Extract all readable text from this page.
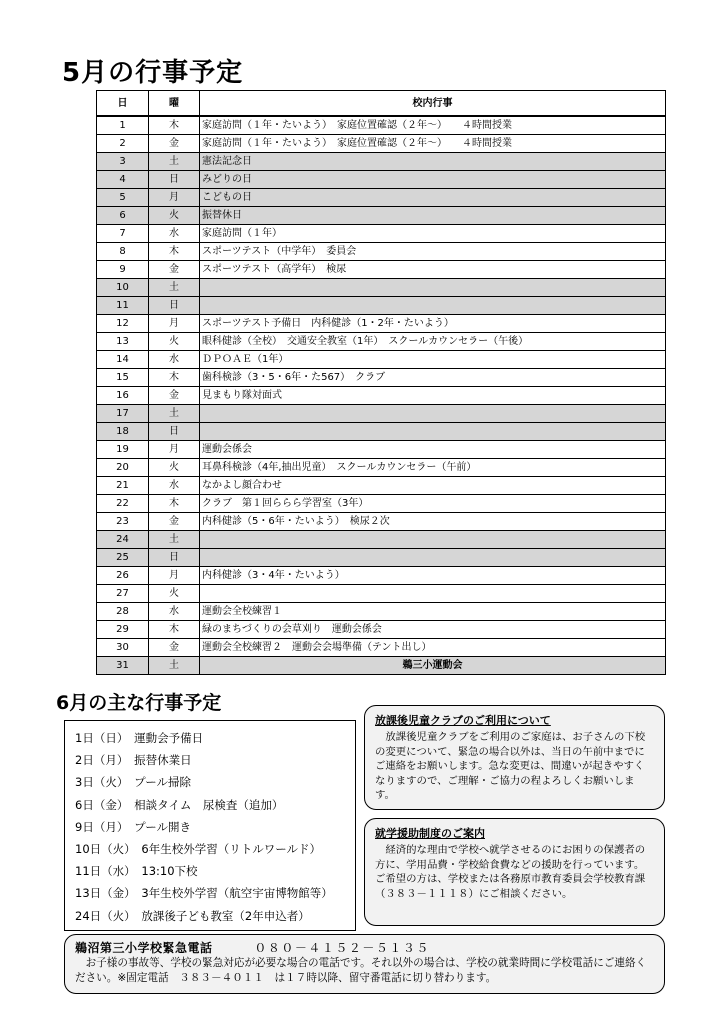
5月の行事予定
日	曜	校内行事
1	木	家庭訪問（１年・たいよう）　家庭位置確認（２年～）　　４時間授業
2	金	家庭訪問（１年・たいよう）　家庭位置確認（２年～）　　４時間授業
3	土	憲法記念日
4	日	みどりの日
5	月	こどもの日
6	火	振替休日
7	水	家庭訪問（１年）
8	木	スポーツテスト（中学年）　委員会
9	金	スポーツテスト（高学年）　検尿
10	土	
11	日	
12	月	スポーツテスト予備日　内科健診（1・2年・たいよう）
13	火	眼科健診（全校）　交通安全教室（1年）　スクールカウンセラー（午後）
14	水	ＤＰＯＡＥ（1年）
15	木	歯科検診（3・5・6年・た567）　クラブ
16	金	見まもり隊対面式
17	土	
18	日	
19	月	運動会係会
20	火	耳鼻科検診（4年,抽出児童）　スクールカウンセラー（午前）
21	水	なかよし顔合わせ
22	木	クラブ　第１回ららら学習室（3年）
23	金	内科健診（5・6年・たいよう）　検尿２次
24	土	
25	日	
26	月	内科健診（3・4年・たいよう）
27	火	
28	水	運動会全校練習１
29	木	緑のまちづくりの会草刈り　運動会係会
30	金	運動会全校練習２　運動会会場準備（テント出し）
31	土	鵜三小運動会
6月の主な行事予定
1日（日）　運動会予備日
2日（月）　振替休業日
3日（火）　プール掃除
6日（金）　相談タイム　尿検査（追加）
9日（月）　プール開き
10日（火）　6年生校外学習（リトルワールド）
11日（水）　13:10下校
13日（金）　3年生校外学習（航空宇宙博物館等）
24日（火）　放課後子ども教室（2年申込者）
放課後児童クラブのご利用について
放課後児童クラブをご利用のご家庭は、お子さんの下校の変更について、緊急の場合以外は、当日の午前中までにご連絡をお願いします。急な変更は、間違いが起きやすくなりますので、ご理解・ご協力の程よろしくお願いします。
就学援助制度のご案内
経済的な理由で学校へ就学させるのにお困りの保護者の方に、学用品費・学校給食費などの援助を行っています。ご希望の方は、学校または各務原市教育委員会学校教育課（３８３－１１１８）にご相談ください。
鵜沼第三小学校緊急電話	０８０－４１５２－５１３５
お子様の事故等、学校の緊急対応が必要な場合の電話です。それ以外の場合は、学校の就業時間に学校電話にご連絡ください。※固定電話　３８３－４０１１　は１７時以降、留守番電話に切り替わります。
